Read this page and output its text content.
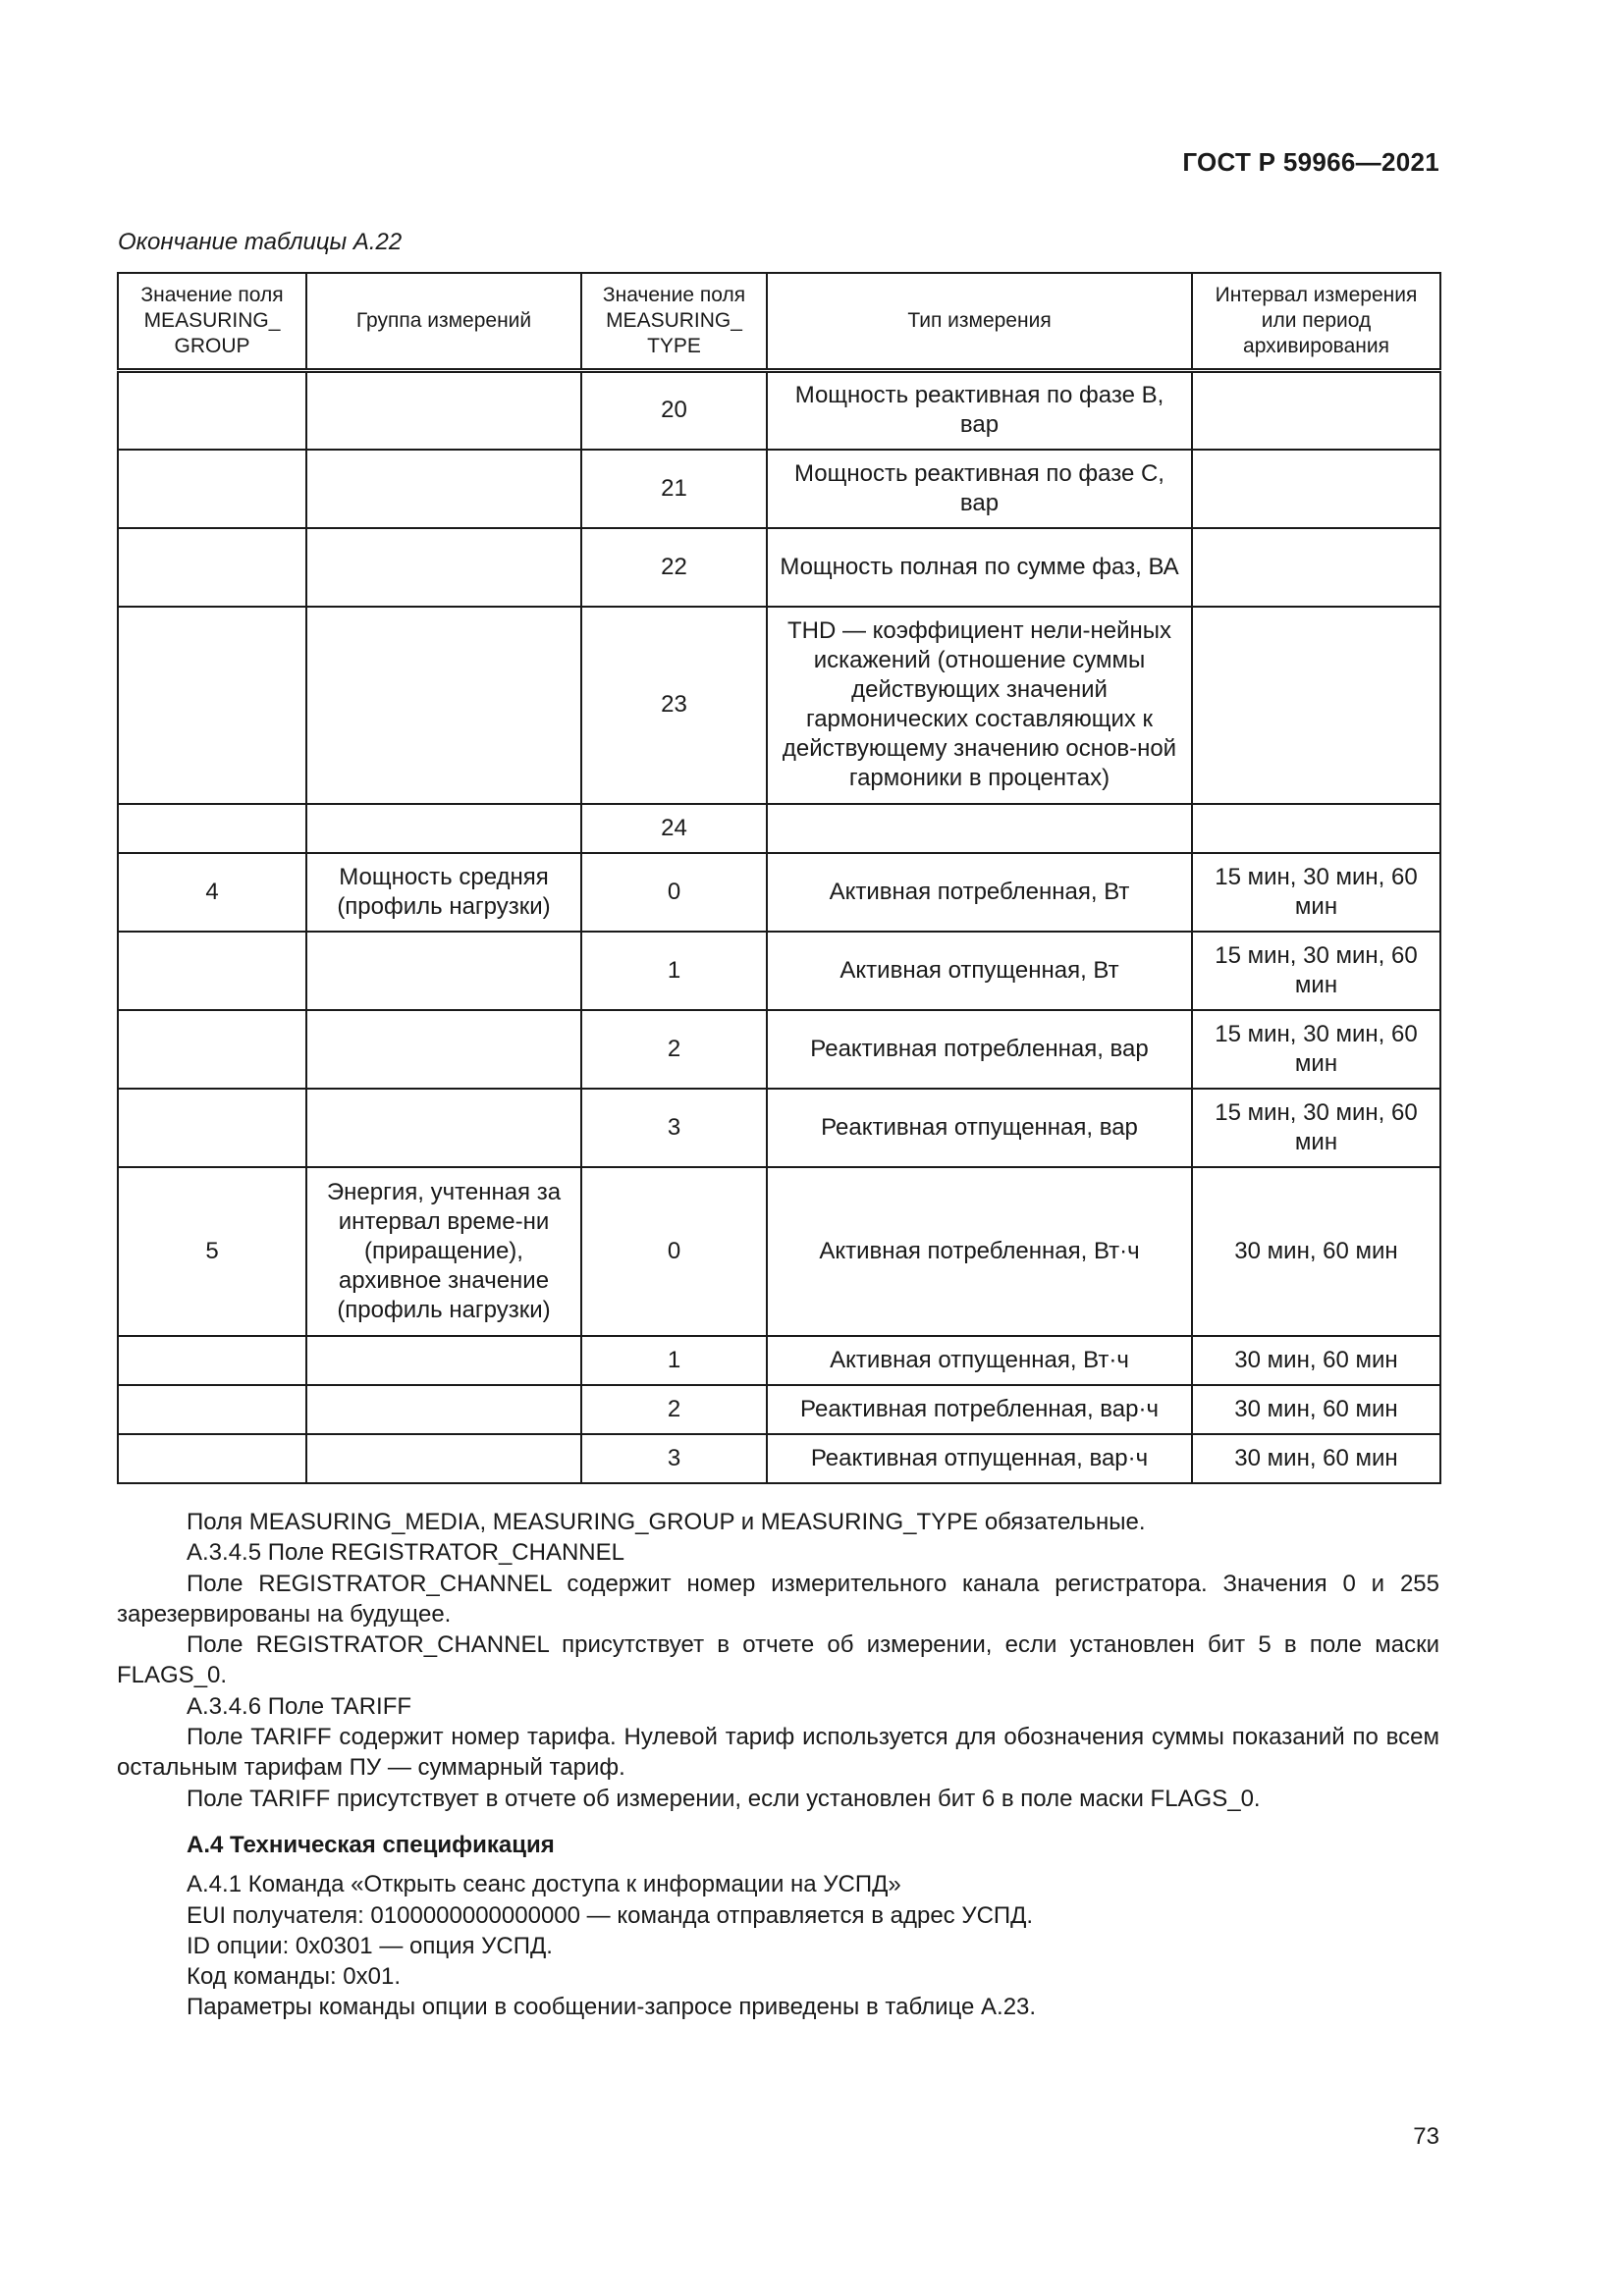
ГОСТ Р 59966—2021
Окончание таблицы А.22
Значение поля MEASURING_ GROUP	Группа измерений	Значение поля MEASURING_ TYPE	Тип измерения	Интервал измерения или период архивирования
		20	Мощность реактивная по фазе B, вар	
		21	Мощность реактивная по фазе C, вар	
		22	Мощность полная по сумме фаз, ВА	
		23	THD — коэффициент нели-нейных искажений (отношение суммы действующих значений гармонических составляющих к действующему значению основ-ной гармоники в процентах)	
		24		
4	Мощность средняя (профиль нагрузки)	0	Активная потребленная, Вт	15 мин, 30 мин, 60 мин
		1	Активная отпущенная, Вт	15 мин, 30 мин, 60 мин
		2	Реактивная потребленная, вар	15 мин, 30 мин, 60 мин
		3	Реактивная отпущенная, вар	15 мин, 30 мин, 60 мин
5	Энергия, учтенная за интервал време-ни (приращение), архивное значение (профиль нагрузки)	0	Активная потребленная, Вт·ч	30 мин, 60 мин
		1	Активная отпущенная, Вт·ч	30 мин, 60 мин
		2	Реактивная потребленная, вар·ч	30 мин, 60 мин
		3	Реактивная отпущенная, вар·ч	30 мин, 60 мин

Поля MEASURING_MEDIA, MEASURING_GROUP и MEASURING_TYPE обязательные.

А.3.4.5 Поле REGISTRATOR_CHANNEL

Поле REGISTRATOR_CHANNEL содержит номер измерительного канала регистратора. Значения 0 и 255 зарезервированы на будущее.

Поле REGISTRATOR_CHANNEL присутствует в отчете об измерении, если установлен бит 5 в поле маски FLAGS_0.

А.3.4.6 Поле TARIFF

Поле TARIFF содержит номер тарифа. Нулевой тариф используется для обозначения суммы показаний по всем остальным тарифам ПУ — суммарный тариф.

Поле TARIFF присутствует в отчете об измерении, если установлен бит 6 в поле маски FLAGS_0.

А.4 Техническая спецификация

А.4.1 Команда «Открыть сеанс доступа к информации на УСПД»

EUI получателя: 0100000000000000 — команда отправляется в адрес УСПД.

ID опции: 0x0301 — опция УСПД.

Код команды: 0x01.

Параметры команды опции в сообщении-запросе приведены в таблице А.23.

73
